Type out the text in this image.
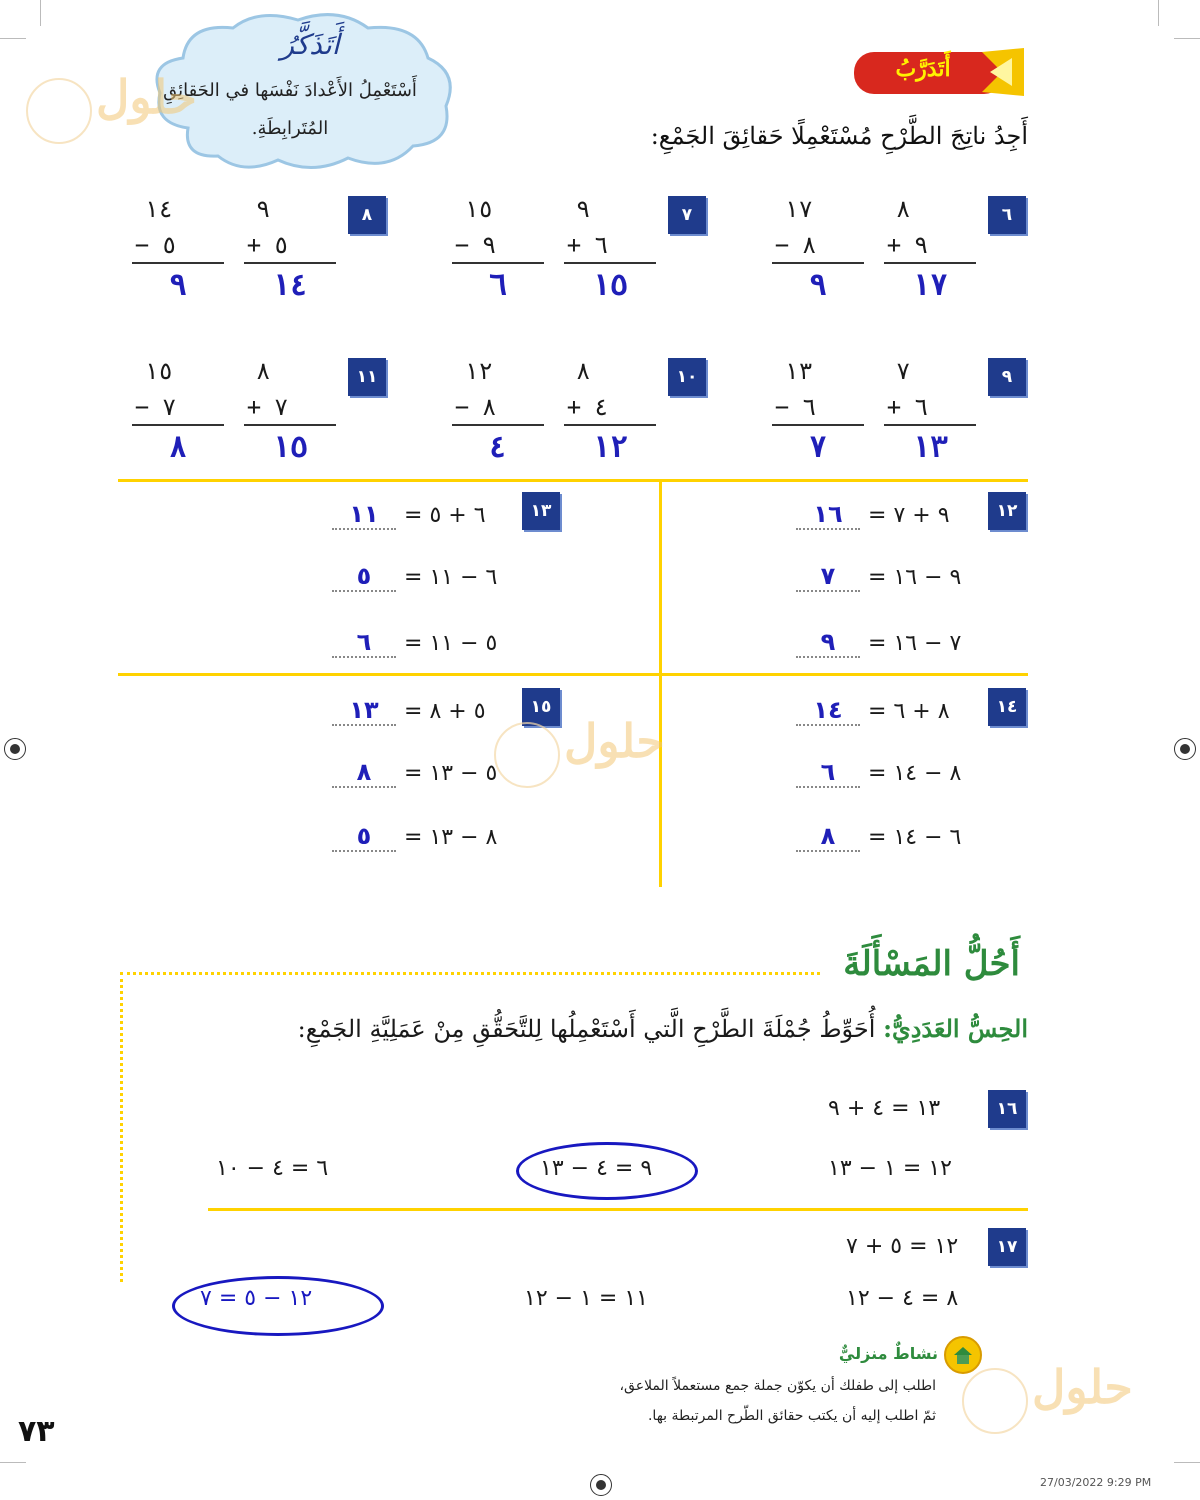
أَتَذَكَّرُ
أَسْتَعْمِلُ الأَعْدادَ نَفْسَها في الحَقائِقِ
المُتَرابِطَةِ.
أَتَدَرَّبُ
أَجِدُ ناتِجَ الطَّرْحِ مُسْتَعْمِلًا حَقائِقَ الجَمْعِ:
٦
٨
+ ٩
١٧
١٧
− ٨
٩
٧
٩
+ ٦
١٥
١٥
− ٩
٦
٨
٩
+ ٥
١٤
١٤
− ٥
٩
٩
٧
+ ٦
١٣
١٣
− ٦
٧
١٠
٨
+ ٤
١٢
١٢
− ٨
٤
١١
٨
+ ٧
١٥
١٥
− ٧
٨
١٢
١٦	= ٩ + ٧
٧	= ٩ − ١٦
٩	= ٧ − ١٦
١٣
١١	= ٦ + ٥
٥	= ٦ − ١١
٦	= ٥ − ١١
١٤
١٤	= ٨ + ٦
٦	= ٨ − ١٤
٨	= ٦ − ١٤
١٥
١٣	= ٥ + ٨
٨	= ٥ − ١٣
٥	= ٨ − ١٣
أَحُلُّ المَسْأَلَةَ
الحِسُّ العَدَدِيُّ: أُحَوِّطُ جُمْلَةَ الطَّرْحِ الَّتي أَسْتَعْمِلُها لِلتَّحَقُّقِ مِنْ عَمَلِيَّةِ الجَمْعِ:
١٦
١٣ = ٤ + ٩
١٢ = ١ − ١٣
٩ = ٤ − ١٣
٦ = ٤ − ١٠
١٧
١٢ = ٥ + ٧
٨ = ٤ − ١٢
١١ = ١ − ١٢
١٢ − ٥ = ٧
نشاطٌ منزليٌّ
اطلب إلى طفلك أن يكوّن جملة جمع مستعملاً الملاعق،
ثمّ اطلب إليه أن يكتب حقائق الطّرح المرتبطة بها.
حلول
حلول
حلول
٧٣
27/03/2022 9:29 PM
